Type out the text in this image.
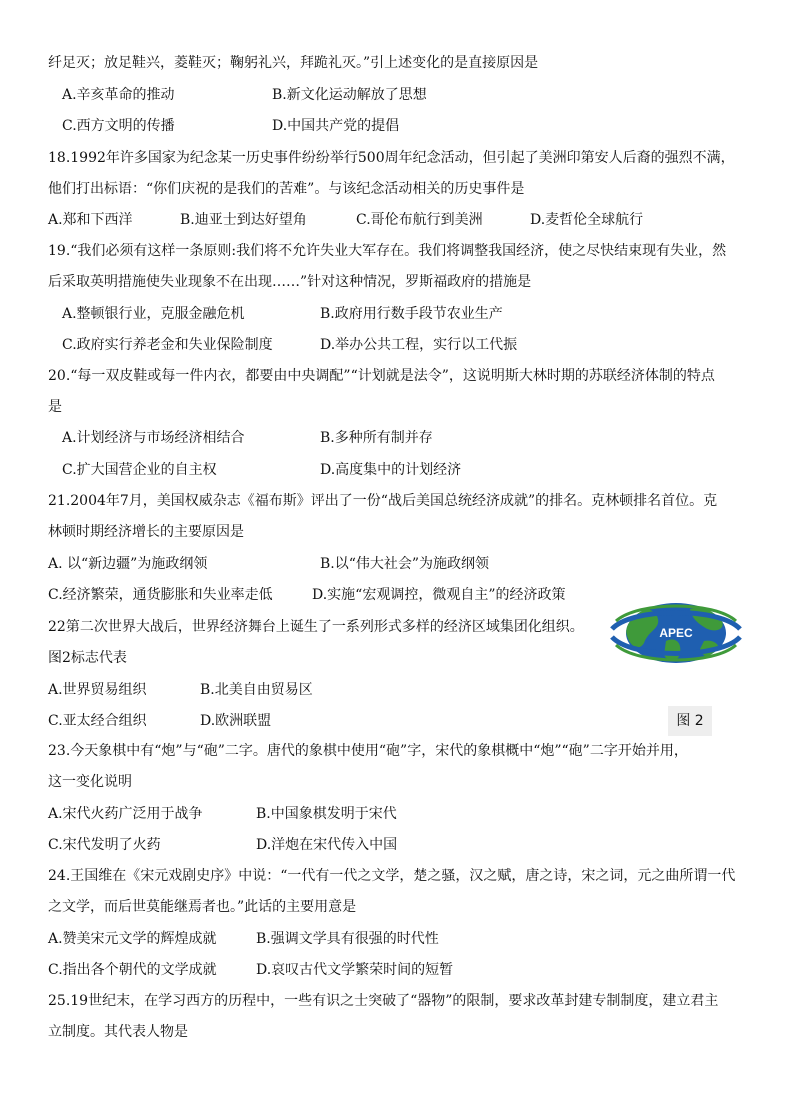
纤足灭；放足鞋兴，菱鞋灭；鞠躬礼兴，拜跪礼灭。”引上述变化的是直接原因是
A.辛亥革命的推动	B.新文化运动解放了思想
C.西方文明的传播	D.中国共产党的提倡
18.1992年许多国家为纪念某一历史事件纷纷举行500周年纪念活动，但引起了美洲印第安人后裔的强烈不满，
他们打出标语：“你们庆祝的是我们的苦难”。与该纪念活动相关的历史事件是
A.郑和下西洋	B.迪亚士到达好望角	C.哥伦布航行到美洲	D.麦哲伦全球航行
19.“我们必须有这样一条原则:我们将不允许失业大军存在。我们将调整我国经济，使之尽快结束现有失业，然
后采取英明措施使失业现象不在出现……”针对这种情况，罗斯福政府的措施是
A.整顿银行业，克服金融危机	B.政府用行数手段节农业生产
C.政府实行养老金和失业保险制度	D.举办公共工程，实行以工代振
20.“每一双皮鞋或每一件内衣，都要由中央调配”“计划就是法令”，这说明斯大林时期的苏联经济体制的特点
是
A.计划经济与市场经济相结合	B.多种所有制并存
C.扩大国营企业的自主权	D.高度集中的计划经济
21.2004年7月，美国权威杂志《福布斯》评出了一份“战后美国总统经济成就”的排名。克林顿排名首位。克
林顿时期经济增长的主要原因是
A. 以“新边疆”为施政纲领	B.以“伟大社会”为施政纲领
C.经济繁荣，通货膨胀和失业率走低	D.实施“宏观调控，微观自主”的经济政策
22第二次世界大战后，世界经济舞台上诞生了一系列形式多样的经济区域集团化组织。
图2标志代表
A.世界贸易组织	B.北美自由贸易区
C.亚太经合组织	D.欧洲联盟
APEC
图 2
23.今天象棋中有“炮”与“砲”二字。唐代的象棋中使用“砲”字，宋代的象棋概中“炮”“砲”二字开始并用，
这一变化说明
A.宋代火药广泛用于战争	B.中国象棋发明于宋代
C.宋代发明了火药	D.洋炮在宋代传入中国
24.王国维在《宋元戏剧史序》中说：“一代有一代之文学，楚之骚，汉之赋，唐之诗，宋之词，元之曲所谓一代
之文学，而后世莫能继焉者也。”此话的主要用意是
A.赞美宋元文学的辉煌成就	B.强调文学具有很强的时代性
C.指出各个朝代的文学成就	D.哀叹古代文学繁荣时间的短暂
25.19世纪末，在学习西方的历程中，一些有识之士突破了“器物”的限制，要求改革封建专制制度，建立君主
立制度。其代表人物是
